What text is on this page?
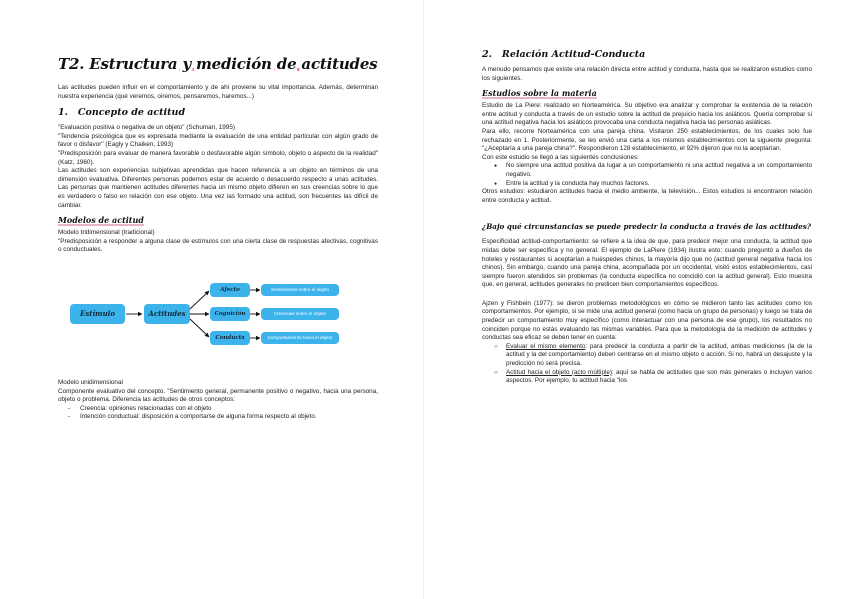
T2. Estructura y medición de actitudes

Las actitudes pueden influir en el comportamiento y de ahí proviene su vital importancia. Además, determinan nuestra experiencia (qué veremos, oiremos, pensaremos, haremos...)

1. Concepto de actitud

"Evaluación positiva o negativa de un objeto" (Schuman, 1995)

"Tendencia psicológica que es expresada mediante la evaluación de una entidad particular con algún grado de favor o disfavor" (Eagly y Chaiken, 1993)

"Predisposición para evaluar de manera favorable o desfavorable algún símbolo, objeto o aspecto de la realidad" (Katz, 1960).

Las actitudes son experiencias subjetivas aprendidas que hacen referencia a un objeto en términos de una dimensión evaluativa. Diferentes personas podemos estar de acuerdo o desacuerdo respecto a unas actitudes. Las personas que mantienen actitudes diferentes hacia un mismo objeto difieren en sus creencias sobre lo que es verdadero o falso en relación con ese objeto. Una vez las formado una actitud, son frecuentes las difícil de cambiar.

Modelos de actitud

Modelo tridimensional (tradicional)

"Predisposición a responder a alguna clase de estímulos con una cierta clase de respuestas afectivas, cognitivas o conductuales.

Estímulo	Actitudes
Afecto
Cognición
Conducta
Sentimientos sobre el objeto
Creencias sobre el objeto
Comportamiento hacia el objeto

Modelo unidimensional

Componente evaluativo del concepto. "Sentimiento general, permanente positivo o negativo, hacia una persona, objeto o problema. Diferencia las actitudes de otros conceptos:

- Creencia: opiniones relacionadas con el objeto
- Intención conductual: disposición a comportarse de alguna forma respecto al objeto.
2. Relación Actitud-Conducta

A menudo pensamos que existe una relación directa entre actitud y conducta, hasta que se realizaron estudios como los siguientes.

Estudios sobre la materia

Estudio de La Piere: realizado en Norteamérica. Su objetivo era analizar y comprobar la existencia de la relación entre actitud y conducta a través de un estudio sobre la actitud de prejuicio hacia los asiáticos. Quería comprobar si una actitud negativa hacia los asiáticos provocaba una conducta negativa hacia las personas asiáticas.

Para ello, recorre Norteamérica con una pareja china. Visitaron 250 establecimientos, de los cuales solo fue rechazado en 1. Posteriormente, se les envió una carta a los mismos establecimientos con la siguiente pregunta: "¿Aceptaría a una pareja china?". Respondieron 128 establecimiento, el 92% dijeron que no la aceptarían.

Con este estudio se llegó a las siguientes conclusiones:

● No siempre una actitud positiva da lugar a un comportamiento ni una actitud negativa a un comportamiento negativo.
● Entre la actitud y la conducta hay muchos factores.

Otros estudios: estudiaron actitudes hacia el medio ambiente, la televisión... Estos estudios si encontraron relación entre conducta y actitud.

¿Bajo qué circunstancias se puede predecir la conducta a través de las actitudes?

Especificidad actitud-comportamiento: se refiere a la idea de que, para predecir mejor una conducta, la actitud que midas debe ser específica y no general. El ejemplo de LaPiere (1934) ilustra esto: cuando preguntó a dueños de hoteles y restaurantes si aceptarían a huéspedes chinos, la mayoría dijo que no (actitud general negativa hacia los chinos). Sin embargo, cuando una pareja china, acompañada por un occidental, visitó estos establecimientos, casi siempre fueron atendidos sin problemas (la conducta específica no coincidió con la actitud general). Esto muestra que, en general, actitudes generales no predicen bien comportamientos específicos.

Ajzen y Fishbein (1977): se dieron problemas metodológicos en cómo se midieron tanto las actitudes como los comportamientos. Por ejemplo, si se mide una actitud general (como hacia un grupo de personas) y luego se trata de predecir un comportamiento muy específico (como interactuar con una persona de ese grupo), los resultados no coinciden porque no estás evaluando las mismas variables. Para que la metodología de la medición de actitudes y conductas sea eficaz se deben tener en cuenta:

○ Evaluar el mismo elemento: para predecir la conducta a partir de la actitud, ambas mediciones (la de la actitud y la del comportamiento) deben centrarse en el mismo objeto o acción. Si no, habrá un desajuste y la predicción no será precisa.
○ Actitud hacia el objeto (acto múltiple): aquí se habla de actitudes que son más generales o incluyen varios aspectos. Por ejemplo, tu actitud hacia "los
